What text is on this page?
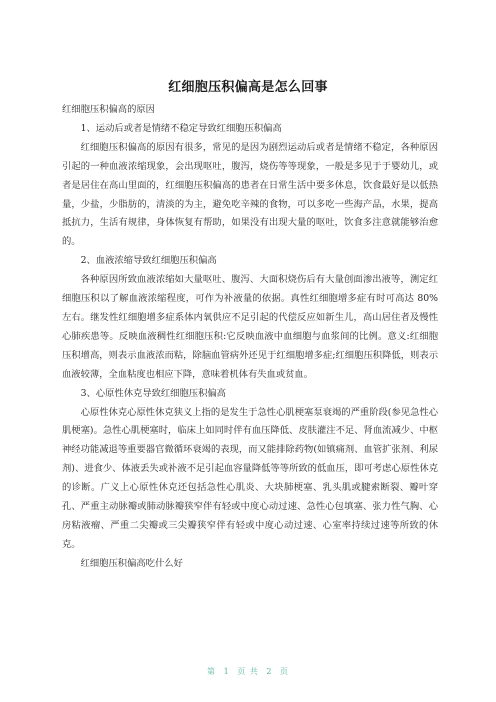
红细胞压积偏高是怎么回事

红细胞压积偏高的原因

1、运动后或者是情绪不稳定导致红细胞压积偏高

红细胞压积偏高的原因有很多，常见的是因为剧烈运动后或者是情绪不稳定，各种原因引起的一种血液浓缩现象，会出现呕吐，腹泻，烧伤等等现象，一般是多见于于婴幼儿，或者是居住在高山里面的，红细胞压积偏高的患者在日常生活中要多休息，饮食最好是以低热量，少盐，少脂肪的，清淡的为主，避免吃辛辣的食物，可以多吃一些海产品，水果，提高抵抗力，生活有规律，身体恢复有帮助，如果没有出现大量的呕吐，饮食多注意就能够治愈的。

2、血液浓缩导致红细胞压积偏高

各种原因所致血液浓缩如大量呕吐、腹泻、大面积烧伤后有大量创面渗出液等，测定红细胞压积以了解血液浓缩程度，可作为补液量的依据。真性红细胞增多症有时可高达 80%左右。继发性红细胞增多症系体内氧供应不足引起的代偿反应如新生儿，高山居住者及慢性心肺疾患等。反映血液稠性红细胞压积:它反映血液中血细胞与血浆间的比例。意义:红细胞压积增高，则表示血液浓而粘，除脑血管病外还见于红细胞增多症;红细胞压积降低，则表示血液较薄，全血粘度也相应下降，意味着机体有失血或贫血。

3、心原性休克导致红细胞压积偏高

心原性休克心原性休克狭义上指的是发生于急性心肌梗塞泵衰竭的严重阶段(参见急性心肌梗塞)。急性心肌梗塞时，临床上如同时伴有血压降低、皮肤灌注不足、肾血流减少、中枢神经功能减退等重要器官微循环衰竭的表现，而又能排除药物(如镇痛剂、血管扩张剂、利尿剂)、进食少、体液丢失或补液不足引起血容量降低等等所致的低血压，即可考虑心原性休克的诊断。广义上心原性休克还包括急性心肌炎、大块肺梗塞、乳头肌或腱索断裂、瓣叶穿孔、严重主动脉瓣或肺动脉瓣狭窄伴有轻或中度心动过速、急性心包填塞、张力性气胸、心房粘液瘤、严重二尖瓣或三尖瓣狭窄伴有轻或中度心动过速、心室率持续过速等所致的休克。

红细胞压积偏高吃什么好

第 1 页 共 2 页
